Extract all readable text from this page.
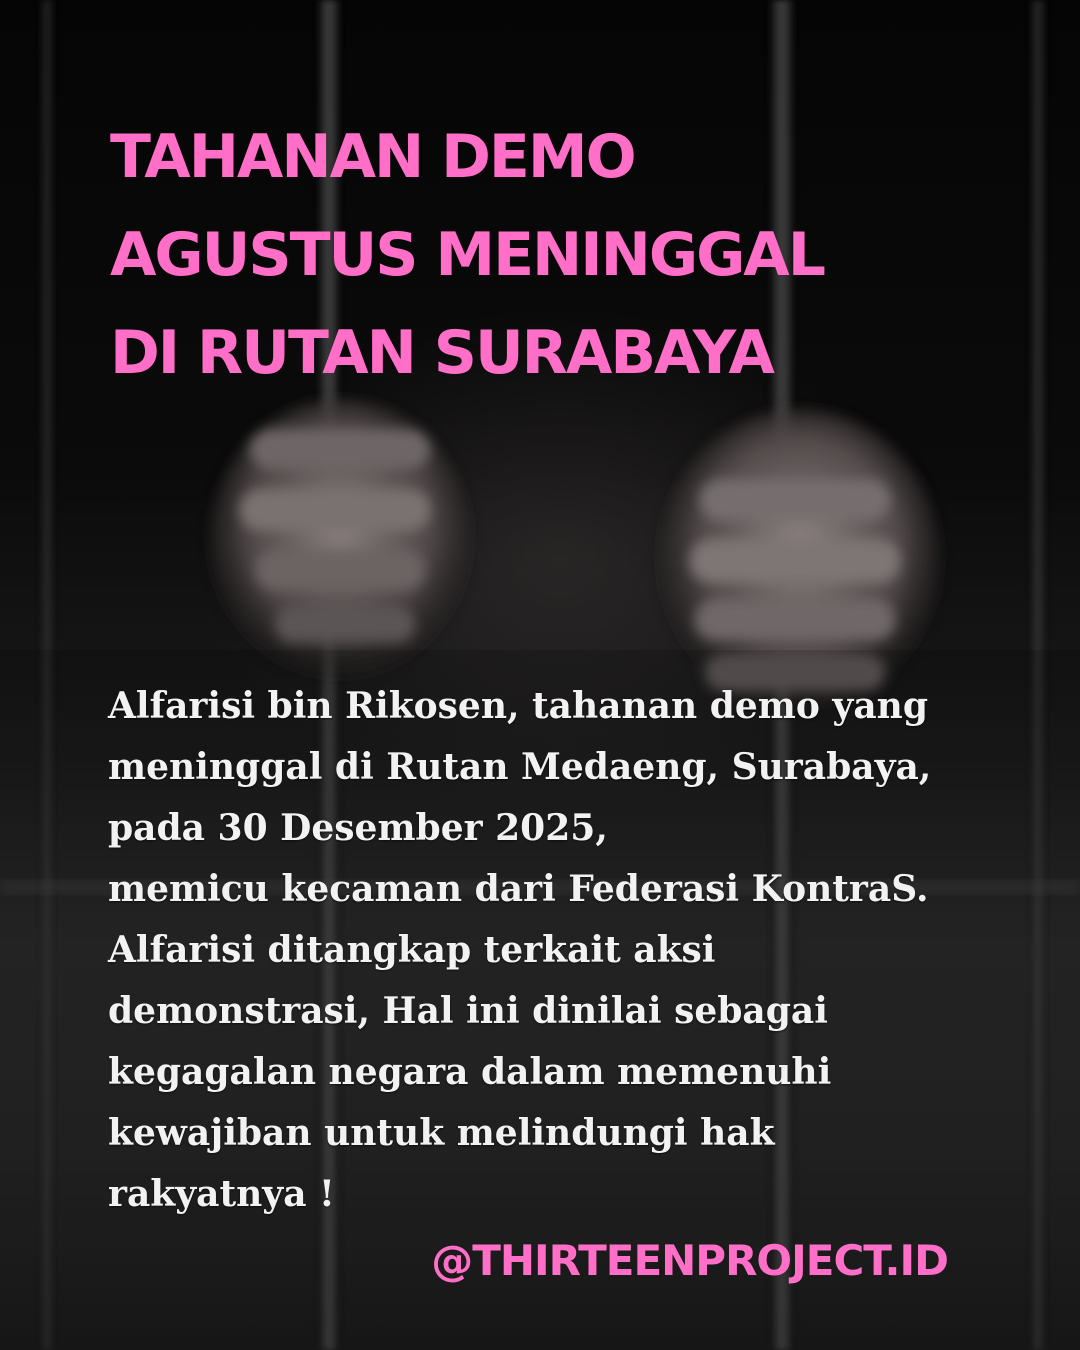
TAHANAN DEMO
AGUSTUS MENINGGAL
DI RUTAN SURABAYA

Alfarisi bin Rikosen, tahanan demo yang
meninggal di Rutan Medaeng, Surabaya,
pada 30 Desember 2025,
memicu kecaman dari Federasi KontraS.
Alfarisi ditangkap terkait aksi
demonstrasi, Hal ini dinilai sebagai
kegagalan negara dalam memenuhi
kewajiban untuk melindungi hak
rakyatnya !

@THIRTEENPROJECT.ID
